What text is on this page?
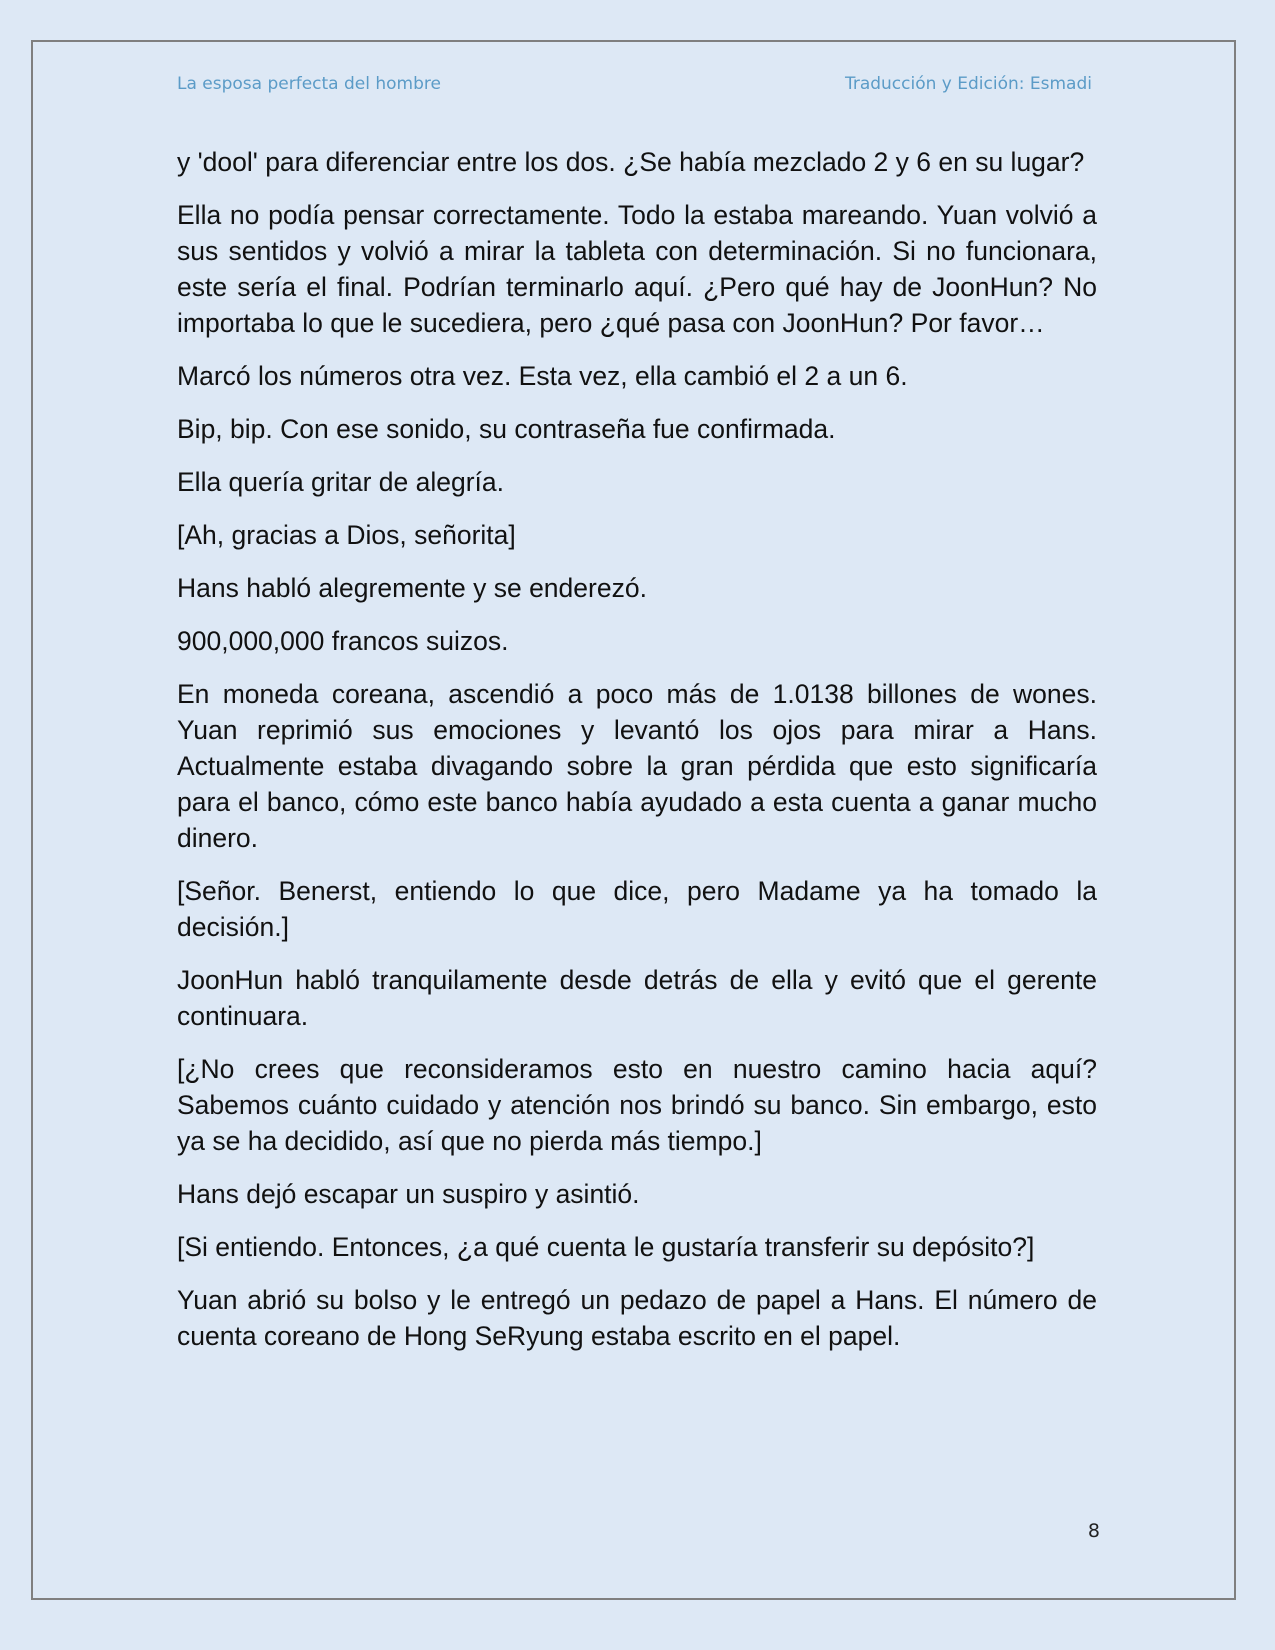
La esposa perfecta del hombre	Traducción y Edición: Esmadi

y 'dool' para diferenciar entre los dos. ¿Se había mezclado 2 y 6 en su lugar?

Ella no podía pensar correctamente. Todo la estaba mareando. Yuan volvió a sus sentidos y volvió a mirar la tableta con determinación. Si no funcionara, este sería el final. Podrían terminarlo aquí. ¿Pero qué hay de JoonHun? No importaba lo que le sucediera, pero ¿qué pasa con JoonHun? Por favor…

Marcó los números otra vez. Esta vez, ella cambió el 2 a un 6.

Bip, bip. Con ese sonido, su contraseña fue confirmada.

Ella quería gritar de alegría.

[Ah, gracias a Dios, señorita]

Hans habló alegremente y se enderezó.

900,000,000 francos suizos.

En moneda coreana, ascendió a poco más de 1.0138 billones de wones. Yuan reprimió sus emociones y levantó los ojos para mirar a Hans. Actualmente estaba divagando sobre la gran pérdida que esto significaría para el banco, cómo este banco había ayudado a esta cuenta a ganar mucho dinero.

[Señor. Benerst, entiendo lo que dice, pero Madame ya ha tomado la decisión.]

JoonHun habló tranquilamente desde detrás de ella y evitó que el gerente continuara.

[¿No crees que reconsideramos esto en nuestro camino hacia aquí? Sabemos cuánto cuidado y atención nos brindó su banco. Sin embargo, esto ya se ha decidido, así que no pierda más tiempo.]

Hans dejó escapar un suspiro y asintió.

[Si entiendo. Entonces, ¿a qué cuenta le gustaría transferir su depósito?]

Yuan abrió su bolso y le entregó un pedazo de papel a Hans. El número de cuenta coreano de Hong SeRyung estaba escrito en el papel.

8
